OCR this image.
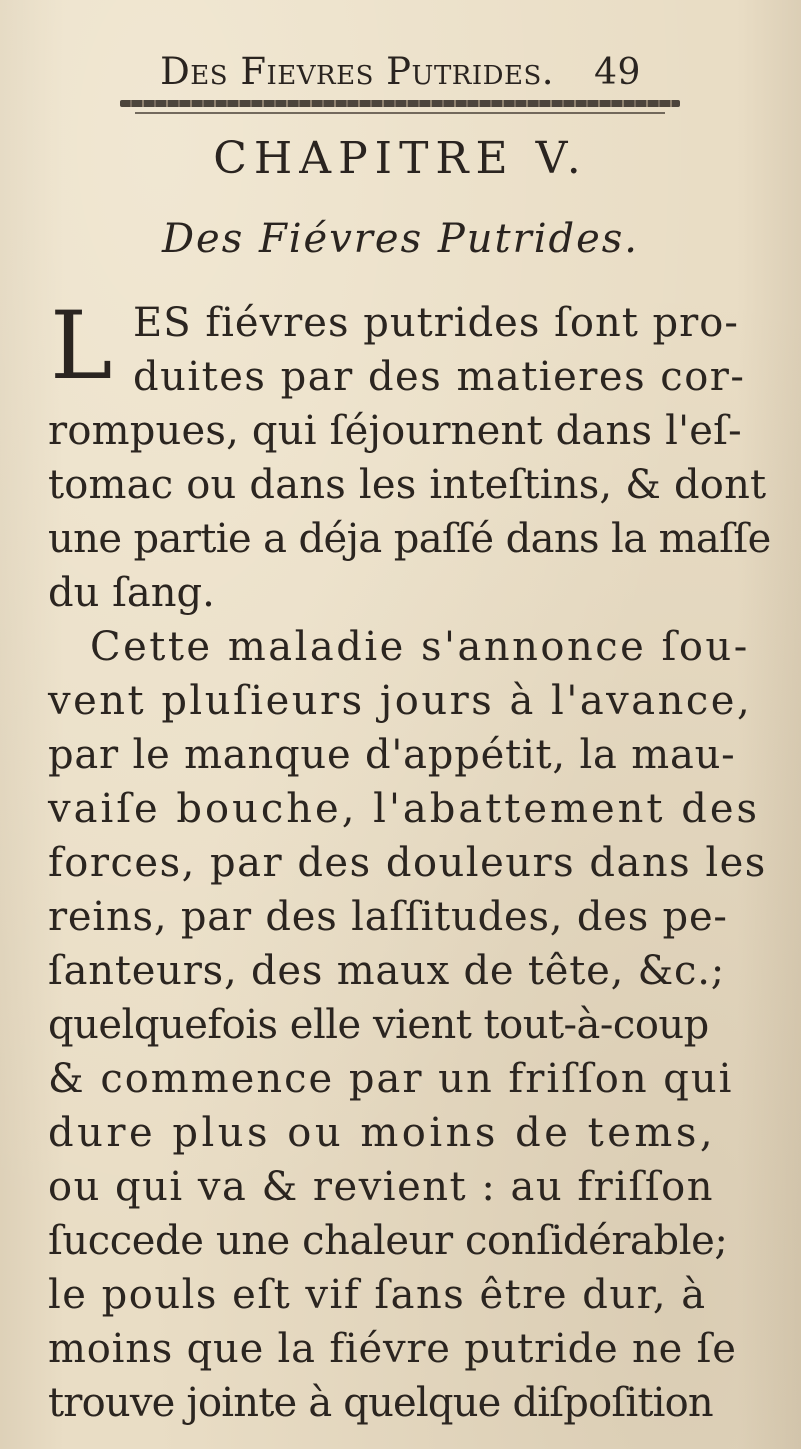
Des Fievres Putrides. 49
CHAPITRE V.
Des Fiévres Putrides.
L ES fiévres putrides ſont pro-
duites par des matieres cor-
rompues, qui ſéjournent dans l'eſ-
tomac ou dans les inteſtins, & dont
une partie a déja paſſé dans la maſſe
du ſang.
Cette maladie s'annonce ſou-
vent pluſieurs jours à l'avance,
par le manque d'appétit, la mau-
vaiſe bouche, l'abattement des
forces, par des douleurs dans les
reins, par des laſſitudes, des pe-
ſanteurs, des maux de tête, &c.;
quelquefois elle vient tout-à-coup
& commence par un friſſon qui
dure plus ou moins de tems,
ou qui va & revient : au friſſon
ſuccede une chaleur conſidérable;
le pouls eſt vif ſans être dur, à
moins que la fiévre putride ne ſe
trouve jointe à quelque diſpoſition
